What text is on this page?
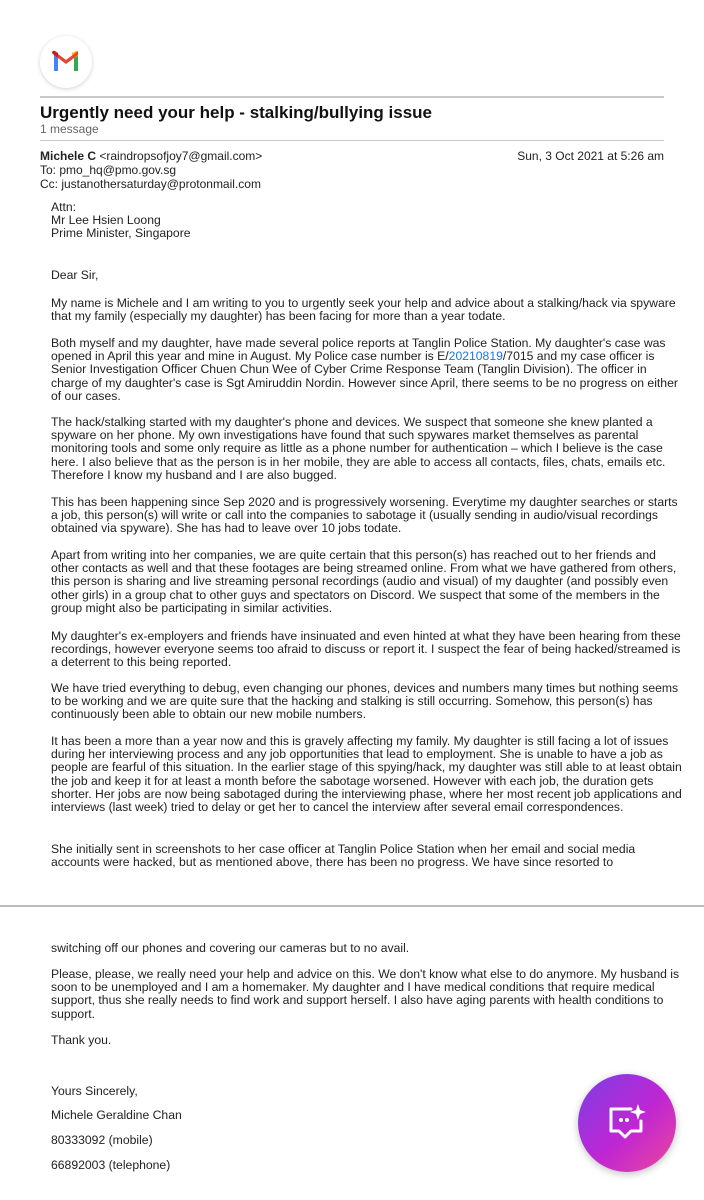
Urgently need your help - stalking/bullying issue
1 message
Michele C <raindropsofjoy7@gmail.com>	Sun, 3 Oct 2021 at 5:26 am
To: pmo_hq@pmo.gov.sg
Cc: justanothersaturday@protonmail.com
Attn:
Mr Lee Hsien Loong
Prime Minister, Singapore
Dear Sir,
My name is Michele and I am writing to you to urgently seek your help and advice about a stalking/hack via spyware that my family (especially my daughter) has been facing for more than a year todate.
Both myself and my daughter, have made several police reports at Tanglin Police Station. My daughter's case was opened in April this year and mine in August. My Police case number is E/20210819/7015 and my case officer is Senior Investigation Officer Chuen Chun Wee of Cyber Crime Response Team (Tanglin Division). The officer in charge of my daughter's case is Sgt Amiruddin Nordin. However since April, there seems to be no progress on either of our cases.
The hack/stalking started with my daughter's phone and devices. We suspect that someone she knew planted a spyware on her phone. My own investigations have found that such spywares market themselves as parental monitoring tools and some only require as little as a phone number for authentication – which I believe is the case here. I also believe that as the person is in her mobile, they are able to access all contacts, files, chats, emails etc. Therefore I know my husband and I are also bugged.
This has been happening since Sep 2020 and is progressively worsening. Everytime my daughter searches or starts a job, this person(s) will write or call into the companies to sabotage it (usually sending in audio/visual recordings obtained via spyware). She has had to leave over 10 jobs todate.
Apart from writing into her companies, we are quite certain that this person(s) has reached out to her friends and other contacts as well and that these footages are being streamed online. From what we have gathered from others, this person is sharing and live streaming personal recordings (audio and visual) of my daughter (and possibly even other girls) in a group chat to other guys and spectators on Discord. We suspect that some of the members in the group might also be participating in similar activities.
My daughter's ex-employers and friends have insinuated and even hinted at what they have been hearing from these recordings, however everyone seems too afraid to discuss or report it. I suspect the fear of being hacked/streamed is a deterrent to this being reported.
We have tried everything to debug, even changing our phones, devices and numbers many times but nothing seems to be working and we are quite sure that the hacking and stalking is still occurring. Somehow, this person(s) has continuously been able to obtain our new mobile numbers.
It has been a more than a year now and this is gravely affecting my family. My daughter is still facing a lot of issues during her interviewing process and any job opportunities that lead to employment. She is unable to have a job as people are fearful of this situation. In the earlier stage of this spying/hack, my daughter was still able to at least obtain the job and keep it for at least a month before the sabotage worsened. However with each job, the duration gets shorter. Her jobs are now being sabotaged during the interviewing phase, where her most recent job applications and interviews (last week) tried to delay or get her to cancel the interview after several email correspondences.
She initially sent in screenshots to her case officer at Tanglin Police Station when her email and social media accounts were hacked, but as mentioned above, there has been no progress. We have since resorted to
switching off our phones and covering our cameras but to no avail.
Please, please, we really need your help and advice on this. We don't know what else to do anymore. My husband is soon to be unemployed and I am a homemaker. My daughter and I have medical conditions that require medical support, thus she really needs to find work and support herself. I also have aging parents with health conditions to support.
Thank you.
Yours Sincerely,
Michele Geraldine Chan
80333092 (mobile)
66892003 (telephone)
